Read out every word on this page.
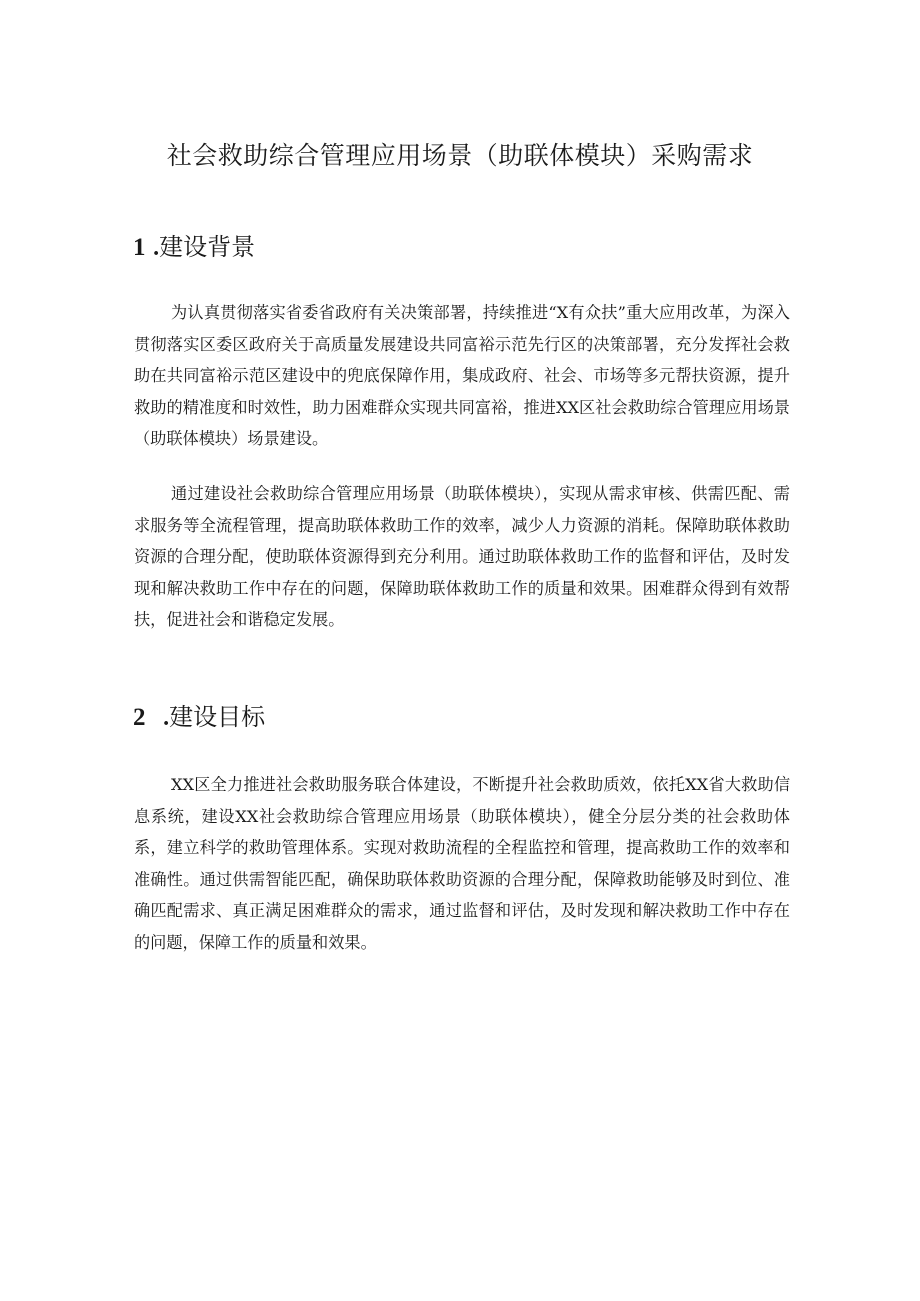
社会救助综合管理应用场景（助联体模块）采购需求
1 .建设背景

为认真贯彻落实省委省政府有关决策部署，持续推进“X有众扶”重大应用改革，为深入贯彻落实区委区政府关于高质量发展建设共同富裕示范先行区的决策部署，充分发挥社会救助在共同富裕示范区建设中的兜底保障作用，集成政府、社会、市场等多元帮扶资源，提升救助的精准度和时效性，助力困难群众实现共同富裕，推进XX区社会救助综合管理应用场景（助联体模块）场景建设。

通过建设社会救助综合管理应用场景（助联体模块），实现从需求审核、供需匹配、需求服务等全流程管理，提高助联体救助工作的效率，减少人力资源的消耗。保障助联体救助资源的合理分配，使助联体资源得到充分利用。通过助联体救助工作的监督和评估，及时发现和解决救助工作中存在的问题，保障助联体救助工作的质量和效果。困难群众得到有效帮扶，促进社会和谐稳定发展。

2 .建设目标

XX区全力推进社会救助服务联合体建设，不断提升社会救助质效，依托XX省大救助信息系统，建设XX社会救助综合管理应用场景（助联体模块），健全分层分类的社会救助体系，建立科学的救助管理体系。实现对救助流程的全程监控和管理，提高救助工作的效率和准确性。通过供需智能匹配，确保助联体救助资源的合理分配，保障救助能够及时到位、准确匹配需求、真正满足困难群众的需求，通过监督和评估，及时发现和解决救助工作中存在的问题，保障工作的质量和效果。
